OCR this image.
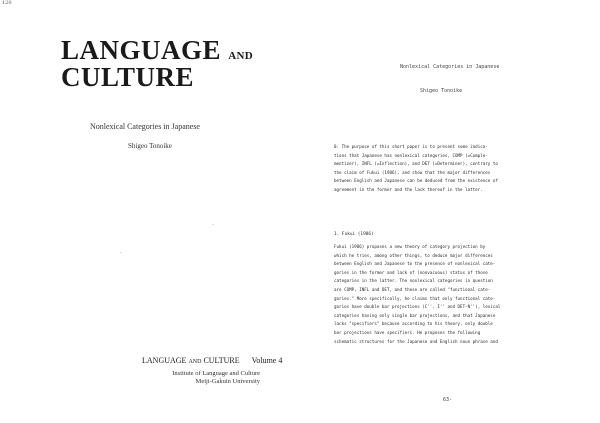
120
LANGUAGE AND
CULTURE
Nonlexical Categories in Japanese
Shigeo Tonoike
·
·
LANGUAGE AND CULTURE Volume 4
Institute of Language and Culture
Meiji-Gakuin University
Nonlexical Categories in Japanese
Shigeo Tonoike
0. The purpose of this short paper is to present some indica-
tions that Japanese has nonlexical categories, COMP (=Comple-
mentizer), INFL (=Inflection), and DET (=Determiner), contrary to
the claim of Fukui (1986), and show that the major differences
between English and Japanese can be deduced from the existence of
agreement in the former and the lack thereof in the latter.
1. Fukui (1986)
Fukui (1986) proposes a new theory of category projection by
which he tries, among other things, to deduce major differences
between English and Japanese to the presence of nonlexical cate-
gories in the former and lack of (nonvacuous) status of those
categories in the latter. The nonlexical categories in question
are COMP, INFL and DET, and these are called "functional cate-
gories." More specifically, he claims that only functional cate-
gories have double bar projections (C'', I'' and DET-N''), lexical
categories having only single bar projections, and that Japanese
lacks "specifiers" because according to his theory, only double
bar projections have specifiers. He proposes the following
schematic structures for the Japanese and English noun phrase and
63-
